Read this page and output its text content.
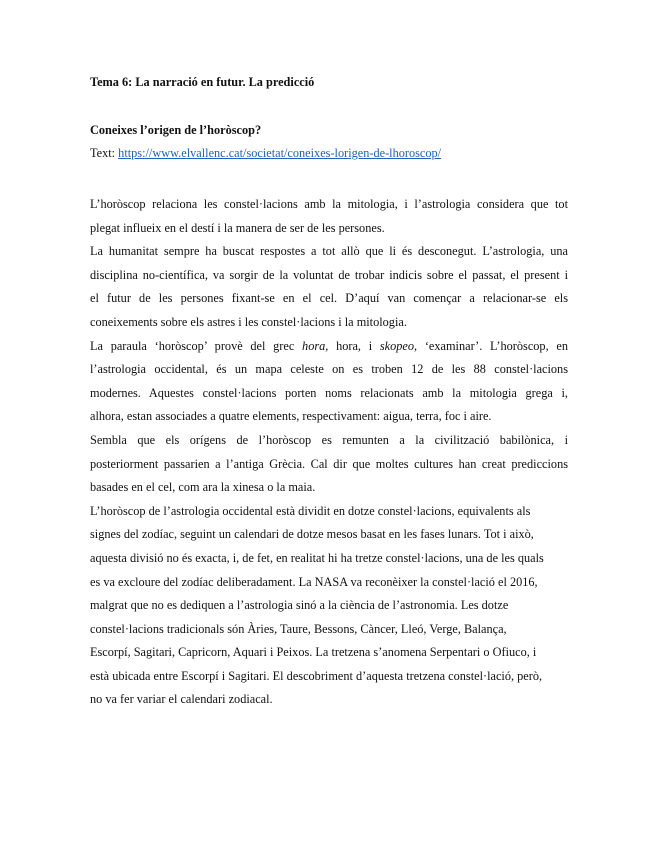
Tema 6: La narració en futur. La predicció

Coneixes l’origen de l’horòscop?

Text: https://www.elvallenc.cat/societat/coneixes-lorigen-de-lhoroscop/

L’horòscop relaciona les constel·lacions amb la mitologia, i l’astrologia considera que tot
plegat influeix en el destí i la manera de ser de les persones.

La humanitat sempre ha buscat respostes a tot allò que li és desconegut. L’astrologia, una
disciplina no-científica, va sorgir de la voluntat de trobar indicis sobre el passat, el present i
el futur de les persones fixant-se en el cel. D’aquí van començar a relacionar-se els
coneixements sobre els astres i les constel·lacions i la mitologia.

La paraula ‘horòscop’ provè del grec hora, hora, i skopeo, ‘examinar’. L’horòscop, en
l’astrologia occidental, és un mapa celeste on es troben 12 de les 88 constel·lacions
modernes. Aquestes constel·lacions porten noms relacionats amb la mitologia grega i,
alhora, estan associades a quatre elements, respectivament: aigua, terra, foc i aire.

Sembla que els orígens de l’horòscop es remunten a la civilització babilònica, i
posteriorment passarien a l’antiga Grècia. Cal dir que moltes cultures han creat prediccions
basades en el cel, com ara la xinesa o la maia.

L’horòscop de l’astrologia occidental està dividit en dotze constel·lacions, equivalents als
signes del zodíac, seguint un calendari de dotze mesos basat en les fases lunars. Tot i això,
aquesta divisió no és exacta, i, de fet, en realitat hi ha tretze constel·lacions, una de les quals
es va excloure del zodíac deliberadament. La NASA va reconèixer la constel·lació el 2016,
malgrat que no es dediquen a l’astrologia sinó a la ciència de l’astronomia. Les dotze
constel·lacions tradicionals són Àries, Taure, Bessons, Càncer, Lleó, Verge, Balança,
Escorpí, Sagitari, Capricorn, Aquari i Peixos. La tretzena s’anomena Serpentari o Ofiuco, i
està ubicada entre Escorpí i Sagitari. El descobriment d’aquesta tretzena constel·lació, però,
no va fer variar el calendari zodiacal.
